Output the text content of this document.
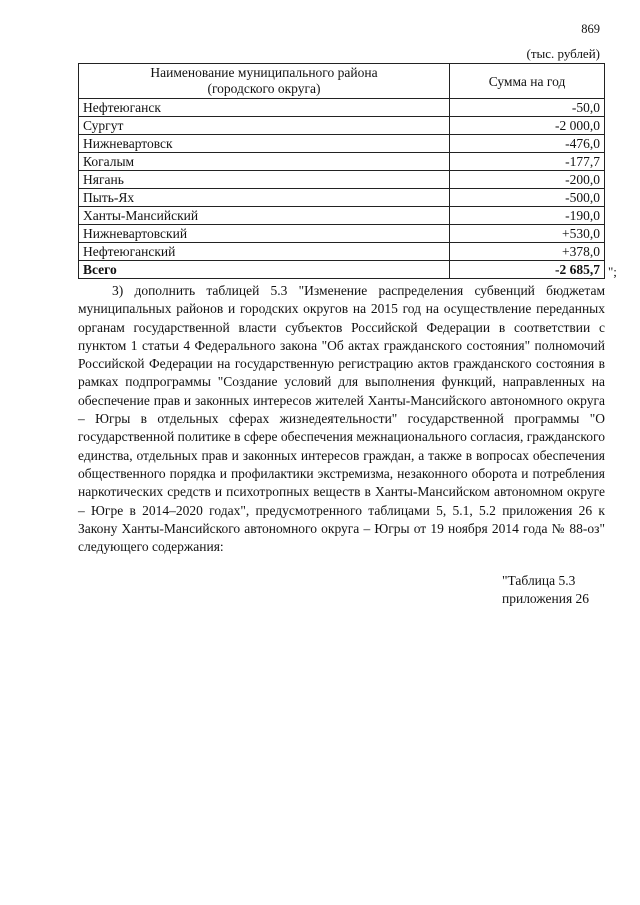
869
(тыс. рублей)
Наименование муниципального района
(городского округа)	Сумма на год
Нефтеюганск	-50,0
Сургут	-2 000,0
Нижневартовск	-476,0
Когалым	-177,7
Нягань	-200,0
Пыть-Ях	-500,0
Ханты-Мансийский	-190,0
Нижневартовский	+530,0
Нефтеюганский	+378,0
Всего	-2 685,7 ";

3) дополнить таблицей 5.3 "Изменение распределения субвенций бюджетам муниципальных районов и городских округов на 2015 год на осуществление переданных органам государственной власти субъектов Российской Федерации в соответствии с пунктом 1 статьи 4 Федерального закона "Об актах гражданского состояния" полномочий Российской Федерации на государственную регистрацию актов гражданского состояния в рамках подпрограммы "Создание условий для выполнения функций, направленных на обеспечение прав и законных интересов жителей Ханты-Мансийского автономного округа – Югры в отдельных сферах жизнедеятельности" государственной программы "О государственной политике в сфере обеспечения межнационального согласия, гражданского единства, отдельных прав и законных интересов граждан, а также в вопросах обеспечения общественного порядка и профилактики экстремизма, незаконного оборота и потребления наркотических средств и психотропных веществ в Ханты-Мансийском автономном округе – Югре в 2014–2020 годах", предусмотренного таблицами 5, 5.1, 5.2 приложения 26 к Закону Ханты-Мансийского автономного округа – Югры от 19 ноября 2014 года № 88-оз" следующего содержания:

"Таблица 5.3
приложения 26
